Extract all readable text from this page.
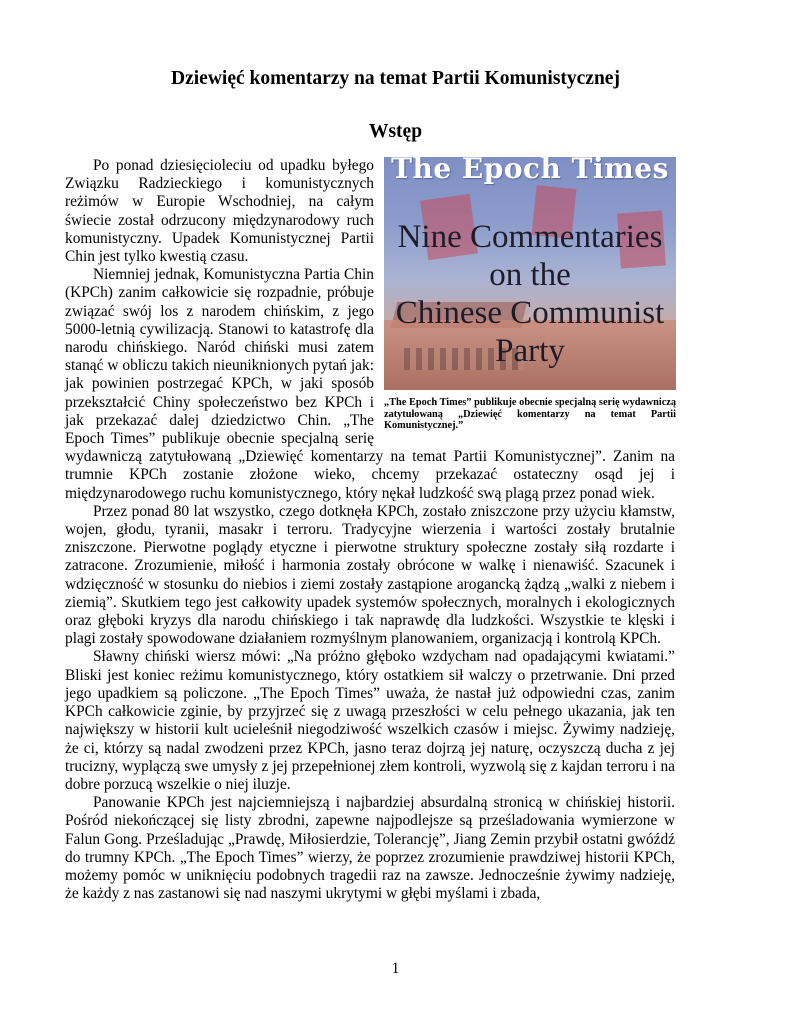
Dziewięć komentarzy na temat Partii Komunistycznej
Wstęp
The Epoch Times
Nine Commentaries
on the
Chinese Communist
Party
„The Epoch Times” publikuje obecnie specjalną serię wydawniczą zatytułowaną „Dziewięć komentarzy na temat Partii Komunistycznej.”

Po ponad dziesięcioleciu od upadku byłego Związku Radzieckiego i komunistycznych reżimów w Europie Wschodniej, na całym świecie został odrzucony międzynarodowy ruch komunistyczny. Upadek Komunistycznej Partii Chin jest tylko kwestią czasu.

Niemniej jednak, Komunistyczna Partia Chin (KPCh) zanim całkowicie się rozpadnie, próbuje związać swój los z narodem chińskim, z jego 5000-letnią cywilizacją. Stanowi to katastrofę dla narodu chińskiego. Naród chiński musi zatem stanąć w obliczu takich nieuniknionych pytań jak: jak powinien postrzegać KPCh, w jaki sposób przekształcić Chiny społeczeństwo bez KPCh i jak przekazać dalej dziedzictwo Chin. „The Epoch Times” publikuje obecnie specjalną serię wydawniczą zatytułowaną „Dziewięć komentarzy na temat Partii Komunistycznej”. Zanim na trumnie KPCh zostanie złożone wieko, chcemy przekazać ostateczny osąd jej i międzynarodowego ruchu komunistycznego, który nękał ludzkość swą plagą przez ponad wiek.

Przez ponad 80 lat wszystko, czego dotknęła KPCh, zostało zniszczone przy użyciu kłamstw, wojen, głodu, tyranii, masakr i terroru. Tradycyjne wierzenia i wartości zostały brutalnie zniszczone. Pierwotne poglądy etyczne i pierwotne struktury społeczne zostały siłą rozdarte i zatracone. Zrozumienie, miłość i harmonia zostały obrócone w walkę i nienawiść. Szacunek i wdzięczność w stosunku do niebios i ziemi zostały zastąpione arogancką żądzą „walki z niebem i ziemią”. Skutkiem tego jest całkowity upadek systemów społecznych, moralnych i ekologicznych oraz głęboki kryzys dla narodu chińskiego i tak naprawdę dla ludzkości. Wszystkie te klęski i plagi zostały spowodowane działaniem rozmyślnym planowaniem, organizacją i kontrolą KPCh.

Sławny chiński wiersz mówi: „Na próżno głęboko wzdycham nad opadającymi kwiatami.” Bliski jest koniec reżimu komunistycznego, który ostatkiem sił walczy o przetrwanie. Dni przed jego upadkiem są policzone. „The Epoch Times” uważa, że nastał już odpowiedni czas, zanim KPCh całkowicie zginie, by przyjrzeć się z uwagą przeszłości w celu pełnego ukazania, jak ten największy w historii kult ucieleśnił niegodziwość wszelkich czasów i miejsc. Żywimy nadzieję, że ci, którzy są nadal zwodzeni przez KPCh, jasno teraz dojrzą jej naturę, oczyszczą ducha z jej trucizny, wyplączą swe umysły z jej przepełnionej złem kontroli, wyzwolą się z kajdan terroru i na dobre porzucą wszelkie o niej iluzje.

Panowanie KPCh jest najciemniejszą i najbardziej absurdalną stronicą w chińskiej historii. Pośród niekończącej się listy zbrodni, zapewne najpodlejsze są prześladowania wymierzone w Falun Gong. Prześladując „Prawdę, Miłosierdzie, Tolerancję”, Jiang Zemin przybił ostatni gwóźdź do trumny KPCh. „The Epoch Times” wierzy, że poprzez zrozumienie prawdziwej historii KPCh, możemy pomóc w uniknięciu podobnych tragedii raz na zawsze. Jednocześnie żywimy nadzieję, że każdy z nas zastanowi się nad naszymi ukrytymi w głębi myślami i zbada,

1
